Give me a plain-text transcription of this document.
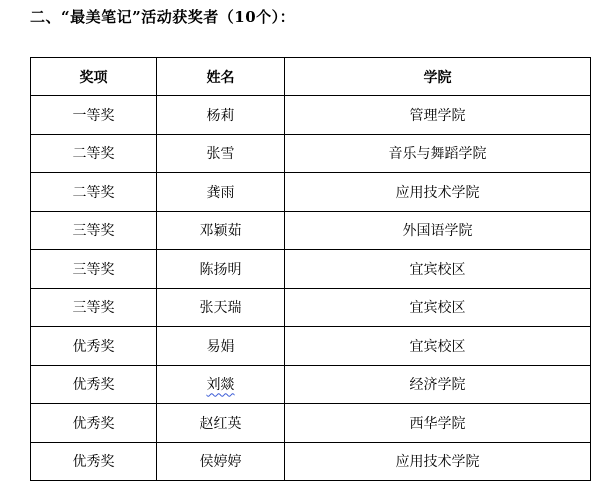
二、“最美笔记”活动获奖者（10个）：
奖项	姓名	学院
一等奖	杨莉	管理学院
二等奖	张雪	音乐与舞蹈学院
二等奖	龚雨	应用技术学院
三等奖	邓颖茹	外国语学院
三等奖	陈扬明	宜宾校区
三等奖	张天瑞	宜宾校区
优秀奖	易娟	宜宾校区
优秀奖	刘燚	经济学院
优秀奖	赵红英	西华学院
优秀奖	侯婷婷	应用技术学院
